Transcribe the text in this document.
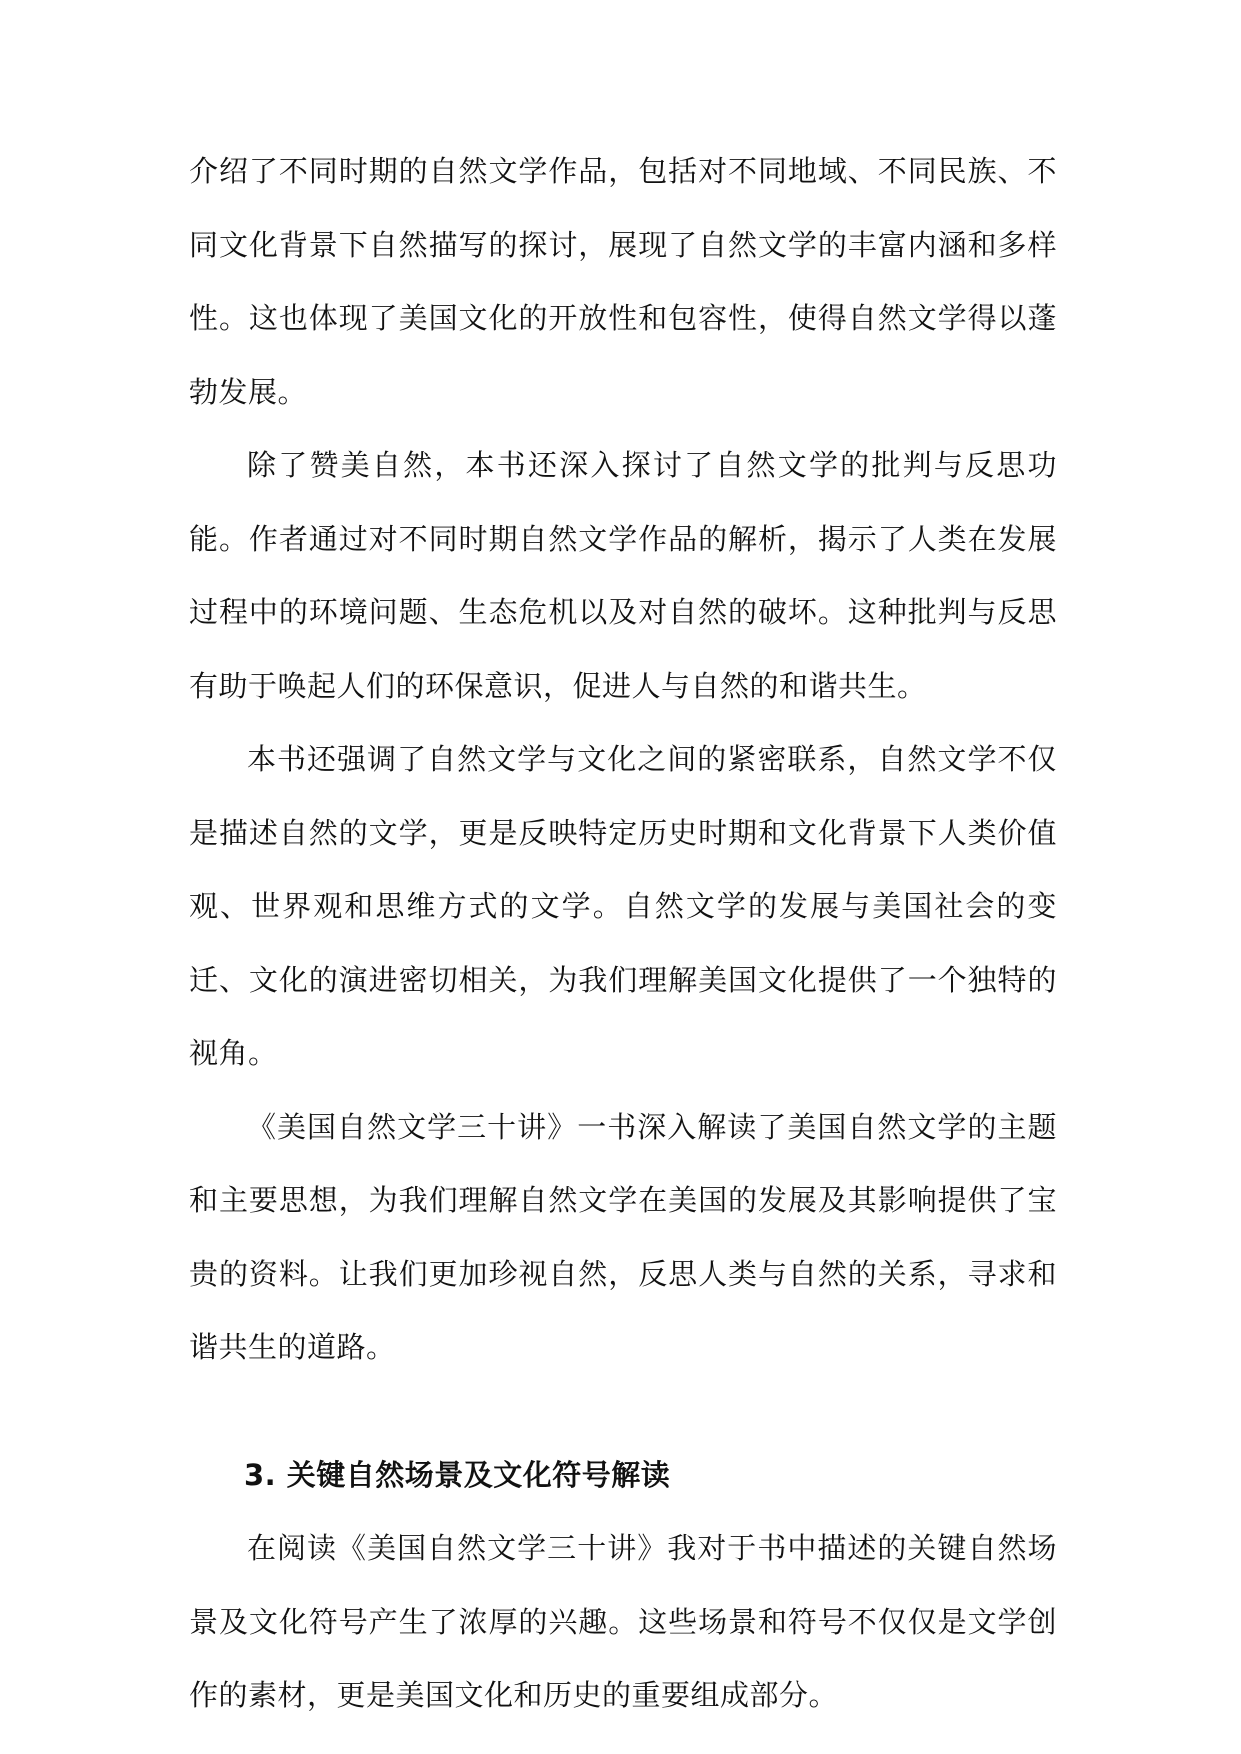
介绍了不同时期的自然文学作品，包括对不同地域、不同民族、不同文化背景下自然描写的探讨，展现了自然文学的丰富内涵和多样性。这也体现了美国文化的开放性和包容性，使得自然文学得以蓬勃发展。

除了赞美自然，本书还深入探讨了自然文学的批判与反思功能。作者通过对不同时期自然文学作品的解析，揭示了人类在发展过程中的环境问题、生态危机以及对自然的破坏。这种批判与反思有助于唤起人们的环保意识，促进人与自然的和谐共生。

本书还强调了自然文学与文化之间的紧密联系，自然文学不仅是描述自然的文学，更是反映特定历史时期和文化背景下人类价值观、世界观和思维方式的文学。自然文学的发展与美国社会的变迁、文化的演进密切相关，为我们理解美国文化提供了一个独特的视角。

《美国自然文学三十讲》一书深入解读了美国自然文学的主题和主要思想，为我们理解自然文学在美国的发展及其影响提供了宝贵的资料。让我们更加珍视自然，反思人类与自然的关系，寻求和谐共生的道路。

3. 关键自然场景及文化符号解读

在阅读《美国自然文学三十讲》我对于书中描述的关键自然场景及文化符号产生了浓厚的兴趣。这些场景和符号不仅仅是文学创作的素材，更是美国文化和历史的重要组成部分。
